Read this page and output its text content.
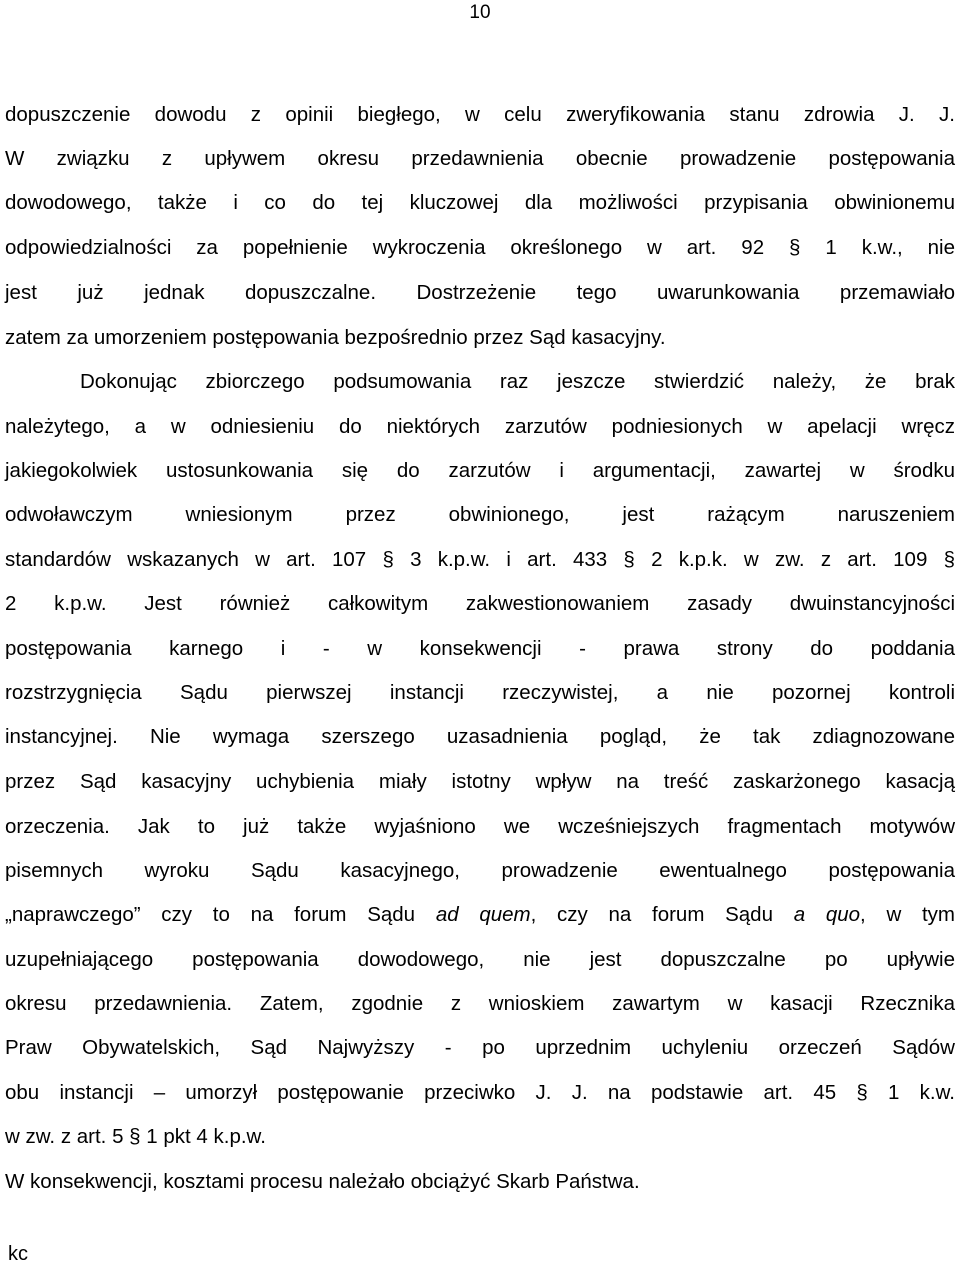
10
dopuszczenie dowodu z opinii biegłego, w celu zweryfikowania stanu zdrowia J. J.
W związku z upływem okresu przedawnienia obecnie prowadzenie postępowania
dowodowego, także i co do tej kluczowej dla możliwości przypisania obwinionemu
odpowiedzialności za popełnienie wykroczenia określonego w art. 92 § 1 k.w., nie
jest już jednak dopuszczalne. Dostrzeżenie tego uwarunkowania przemawiało
zatem za umorzeniem postępowania bezpośrednio przez Sąd kasacyjny.
Dokonując zbiorczego podsumowania raz jeszcze stwierdzić należy, że brak
należytego, a w odniesieniu do niektórych zarzutów podniesionych w apelacji wręcz
jakiegokolwiek ustosunkowania się do zarzutów i argumentacji, zawartej w środku
odwoławczym wniesionym przez obwinionego, jest rażącym naruszeniem
standardów wskazanych w art. 107 § 3 k.p.w. i art. 433 § 2 k.p.k. w zw. z art. 109 §
2 k.p.w. Jest również całkowitym zakwestionowaniem zasady dwuinstancyjności
postępowania karnego i - w konsekwencji - prawa strony do poddania
rozstrzygnięcia Sądu pierwszej instancji rzeczywistej, a nie pozornej kontroli
instancyjnej. Nie wymaga szerszego uzasadnienia pogląd, że tak zdiagnozowane
przez Sąd kasacyjny uchybienia miały istotny wpływ na treść zaskarżonego kasacją
orzeczenia. Jak to już także wyjaśniono we wcześniejszych fragmentach motywów
pisemnych wyroku Sądu kasacyjnego, prowadzenie ewentualnego postępowania
„naprawczego” czy to na forum Sądu ad quem, czy na forum Sądu a quo, w tym
uzupełniającego postępowania dowodowego, nie jest dopuszczalne po upływie
okresu przedawnienia. Zatem, zgodnie z wnioskiem zawartym w kasacji Rzecznika
Praw Obywatelskich, Sąd Najwyższy - po uprzednim uchyleniu orzeczeń Sądów
obu instancji – umorzył postępowanie przeciwko J. J. na podstawie art. 45 § 1 k.w.
w zw. z art. 5 § 1 pkt 4 k.p.w.
W konsekwencji, kosztami procesu należało obciążyć Skarb Państwa.
kc
